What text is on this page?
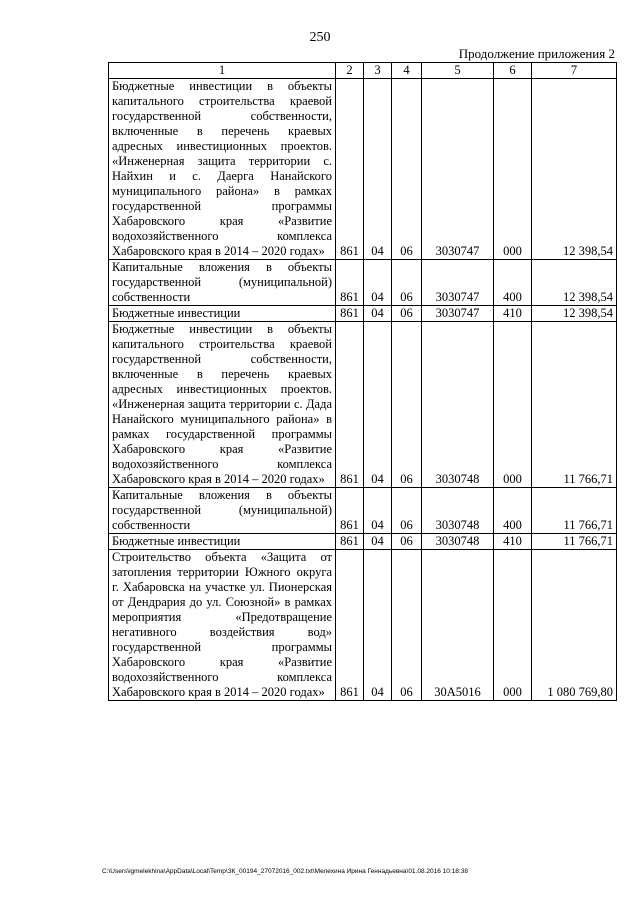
250
Продолжение приложения 2
1	2	3	4	5	6	7
Бюджетные инвестиции в объекты капитального строительства краевой государственной собственности, включенные в перечень краевых адресных инвестиционных проектов. «Инженерная защита территории с. Найхин и с. Даерга Нанайского муниципального района» в рамках государственной программы Хабаровского края «Развитие водохозяйственного комплекса Хабаровского края в 2014 – 2020 годах»	861	04	06	3030747	000	12 398,54
Капитальные вложения в объекты государственной (муниципальной) собственности	861	04	06	3030747	400	12 398,54
Бюджетные инвестиции	861	04	06	3030747	410	12 398,54
Бюджетные инвестиции в объекты капитального строительства краевой государственной собственности, включенные в перечень краевых адресных инвестиционных проектов. «Инженерная защита территории с. Дада Нанайского муниципального района» в рамках государственной программы Хабаровского края «Развитие водохозяйственного комплекса Хабаровского края в 2014 – 2020 годах»	861	04	06	3030748	000	11 766,71
Капитальные вложения в объекты государственной (муниципальной) собственности	861	04	06	3030748	400	11 766,71
Бюджетные инвестиции	861	04	06	3030748	410	11 766,71
Строительство объекта «Защита от затопления территории Южного округа г. Хабаровска на участке ул. Пионерская от Дендрария до ул. Союзной» в рамках мероприятия «Предотвращение негативного воздействия вод» государственной программы Хабаровского края «Развитие водохозяйственного комплекса Хабаровского края в 2014 – 2020 годах»	861	04	06	30А5016	000	1 080 769,80
C:\Users\igmelekhina\AppData\Local\Temp\ЗК_00194_27072016_002.txt\Мелехина Ирина Геннадьевна\01.08.2016 10:18:38
